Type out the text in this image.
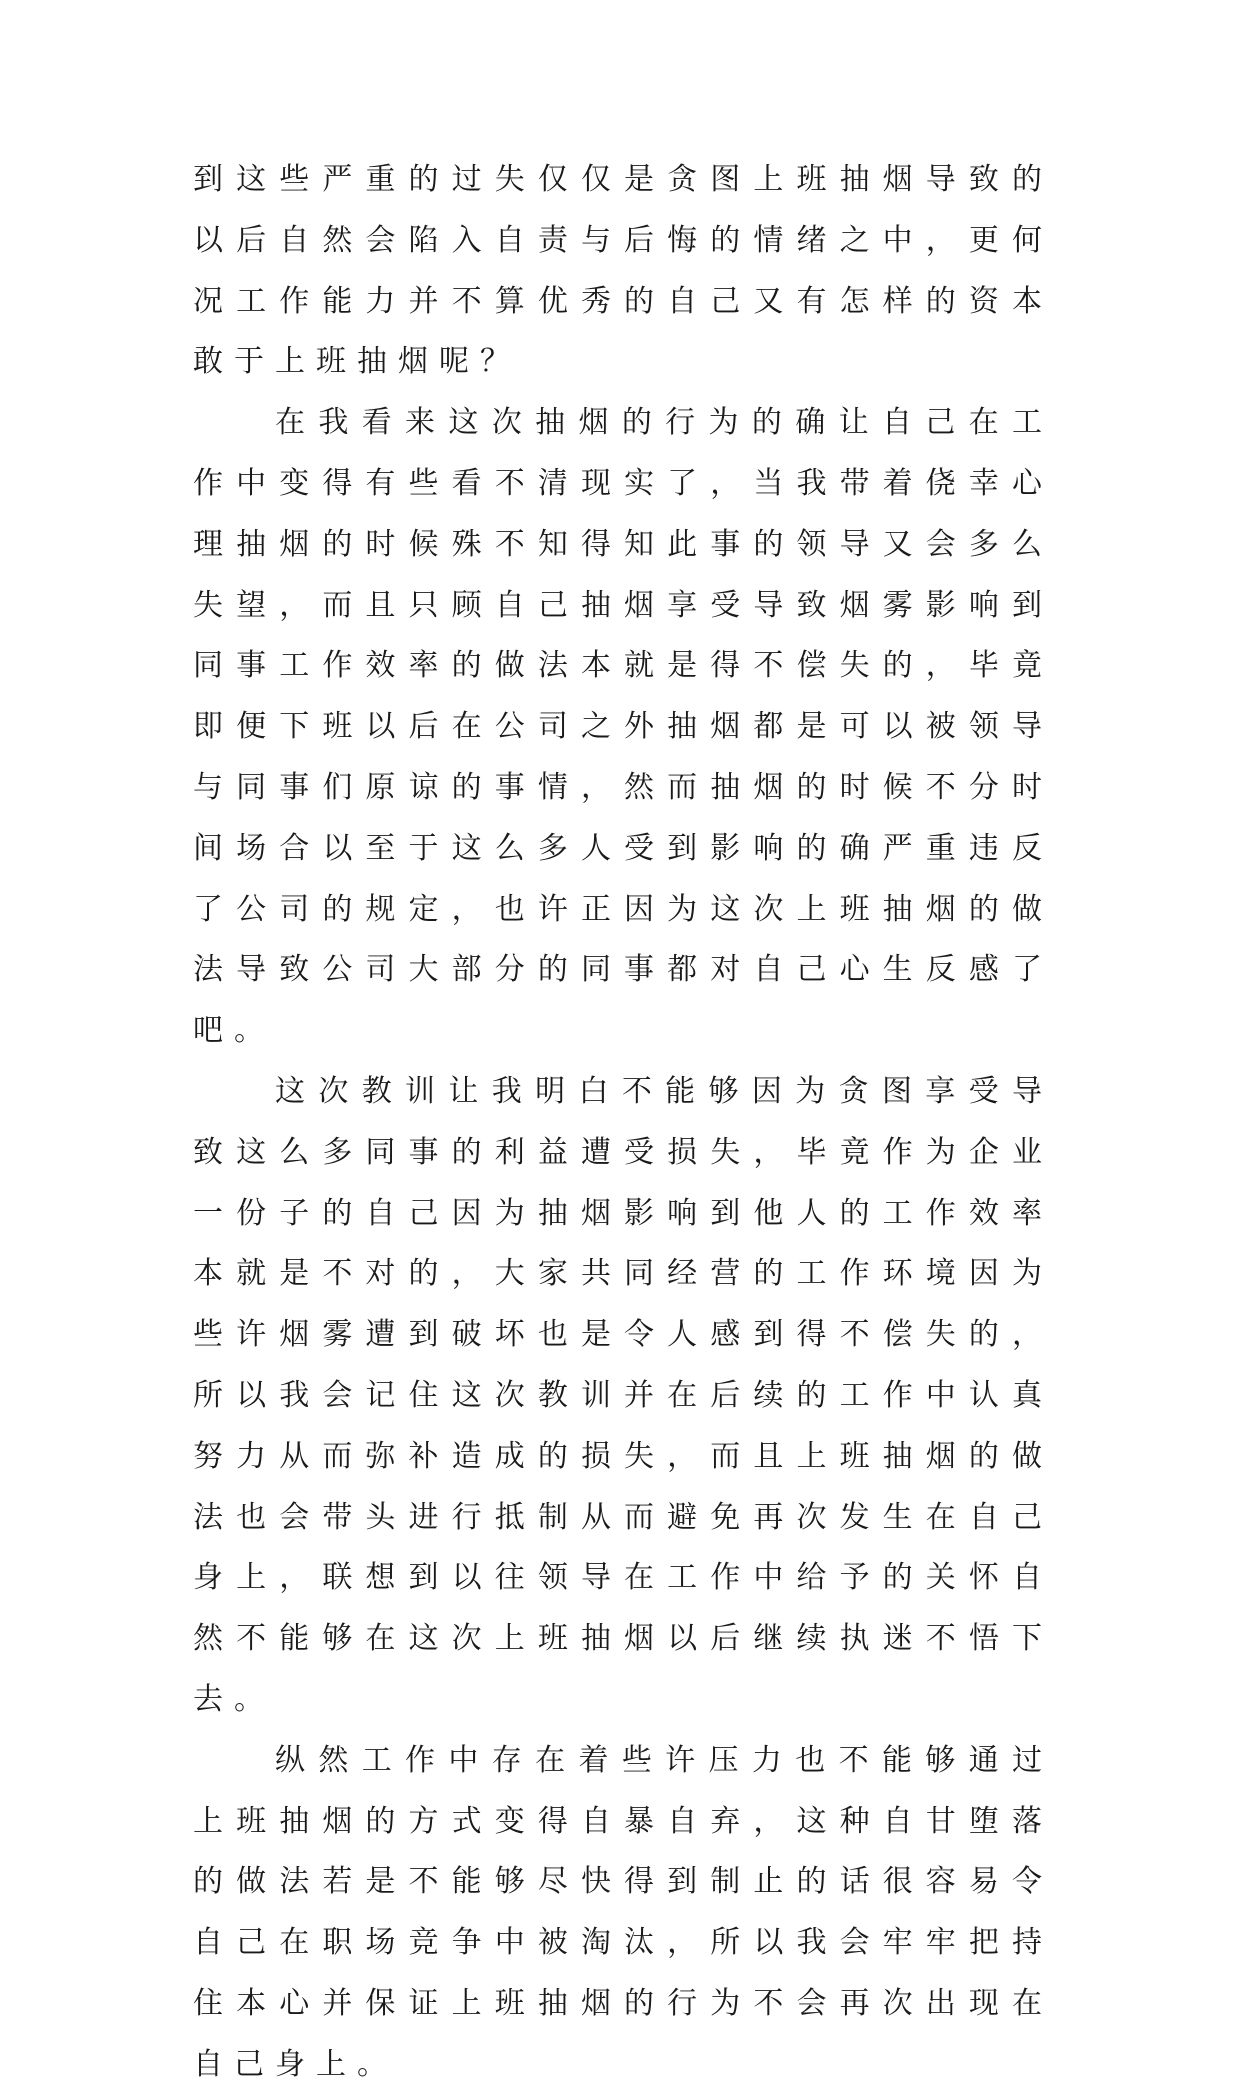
到这些严重的过失仅仅是贪图上班抽烟导致的以后自然会陷入自责与后悔的情绪之中，更何况工作能力并不算优秀的自己又有怎样的资本敢于上班抽烟呢？

在我看来这次抽烟的行为的确让自己在工作中变得有些看不清现实了，当我带着侥幸心理抽烟的时候殊不知得知此事的领导又会多么失望，而且只顾自己抽烟享受导致烟雾影响到同事工作效率的做法本就是得不偿失的，毕竟即便下班以后在公司之外抽烟都是可以被领导与同事们原谅的事情，然而抽烟的时候不分时间场合以至于这么多人受到影响的确严重违反了公司的规定，也许正因为这次上班抽烟的做法导致公司大部分的同事都对自己心生反感了吧。

这次教训让我明白不能够因为贪图享受导致这么多同事的利益遭受损失，毕竟作为企业一份子的自己因为抽烟影响到他人的工作效率本就是不对的，大家共同经营的工作环境因为些许烟雾遭到破坏也是令人感到得不偿失的，所以我会记住这次教训并在后续的工作中认真努力从而弥补造成的损失，而且上班抽烟的做法也会带头进行抵制从而避免再次发生在自己身上，联想到以往领导在工作中给予的关怀自然不能够在这次上班抽烟以后继续执迷不悟下去。

纵然工作中存在着些许压力也不能够通过上班抽烟的方式变得自暴自弃，这种自甘堕落的做法若是不能够尽快得到制止的话很容易令自己在职场竞争中被淘汰，所以我会牢牢把持住本心并保证上班抽烟的行为不会再次出现在自己身上。
